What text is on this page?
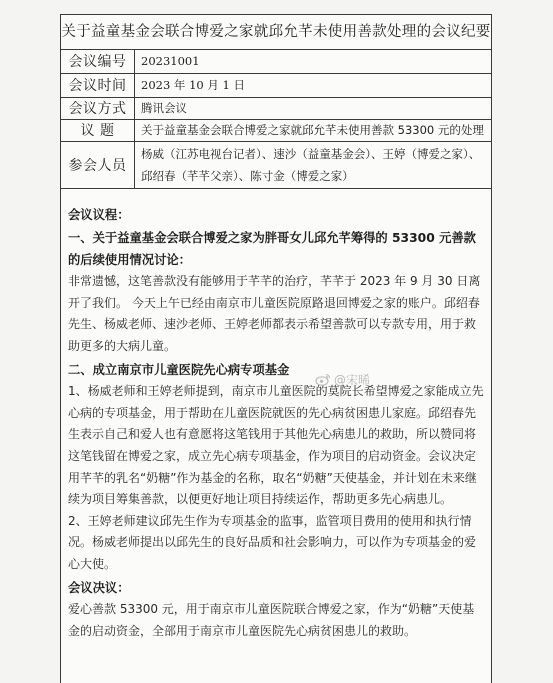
关于益童基金会联合博爱之家就邱允芊未使用善款处理的会议纪要
会议编号	20231001
会议时间	2023 年 10 月 1 日
会议方式	腾讯会议
议 题	关于益童基金会联合博爱之家就邱允芊未使用善款 53300 元的处理
参会人员	杨威（江苏电视台记者）、速沙（益童基金会）、王婷（博爱之家）、邱绍春（芊芊父亲）、陈寸金（博爱之家）

会议议程：

一、关于益童基金会联合博爱之家为胖哥女儿邱允芊筹得的 53300 元善款的后续使用情况讨论：

非常遗憾，这笔善款没有能够用于芊芊的治疗，芊芊于 2023 年 9 月 30 日离开了我们。 今天上午已经由南京市儿童医院原路退回博爱之家的账户。邱绍春先生、杨威老师、速沙老师、王婷老师都表示希望善款可以专款专用，用于救助更多的大病儿童。

二、成立南京市儿童医院先心病专项基金

1、杨威老师和王婷老师提到，南京市儿童医院的莫院长希望博爱之家能成立先心病的专项基金，用于帮助在儿童医院就医的先心病贫困患儿家庭。邱绍春先生表示自己和爱人也有意愿将这笔钱用于其他先心病患儿的救助，所以赞同将这笔钱留在博爱之家，成立先心病专项基金，作为项目的启动资金。会议决定用芊芊的乳名“奶糖”作为基金的名称，取名“奶糖”天使基金，并计划在未来继续为项目筹集善款，以便更好地让项目持续运作，帮助更多先心病患儿。

2、王婷老师建议邱先生作为专项基金的监事，监管项目费用的使用和执行情况。杨威老师提出以邱先生的良好品质和社会影响力，可以作为专项基金的爱心大使。

会议决议：

爱心善款 53300 元，用于南京市儿童医院联合博爱之家，作为“奶糖”天使基金的启动资金，全部用于南京市儿童医院先心病贫困患儿的救助。

@宋晞
